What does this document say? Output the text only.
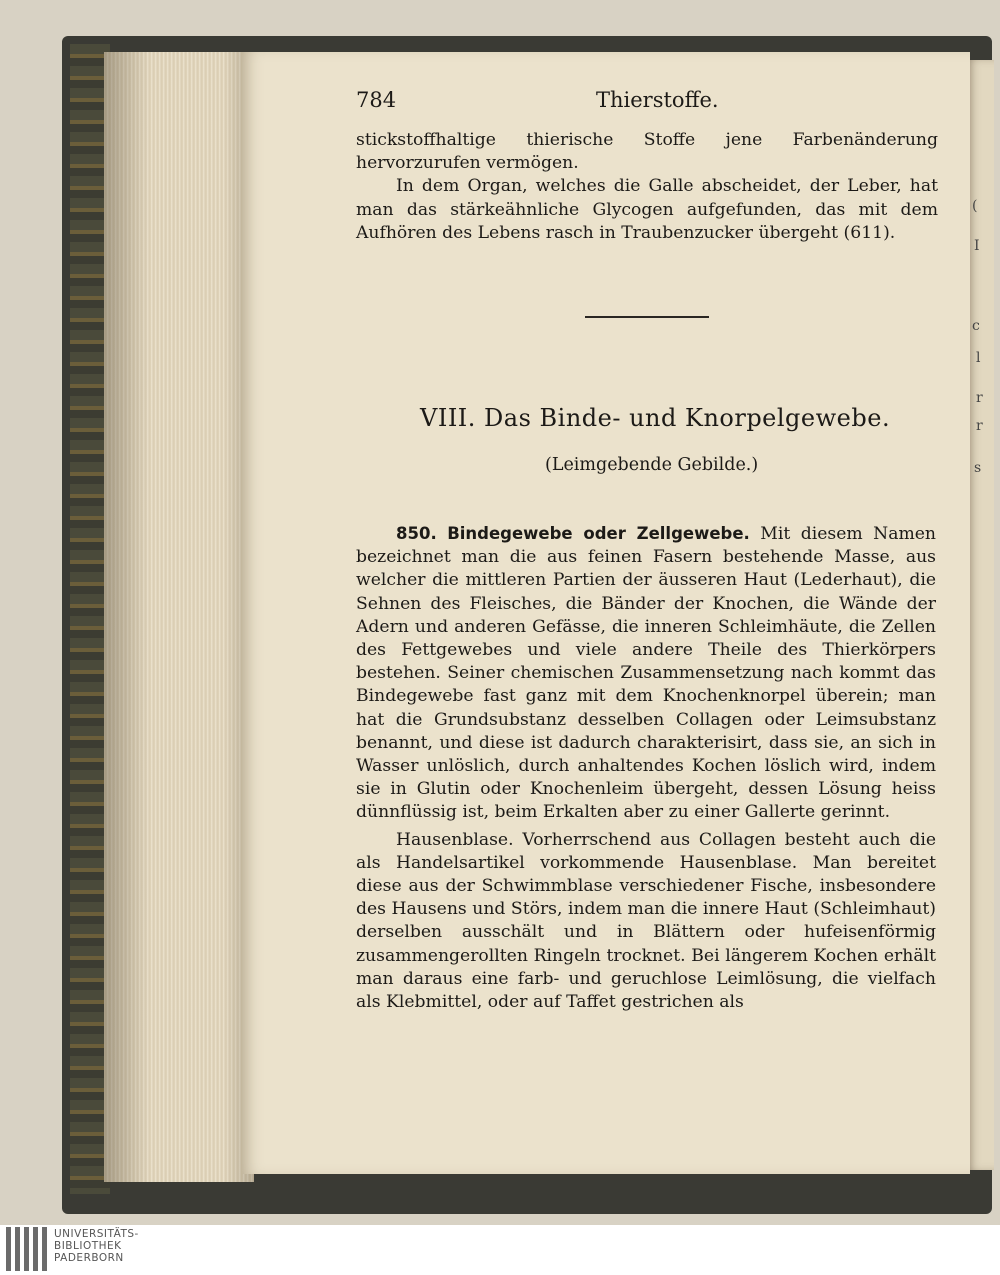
(
I
c
l
r
r
s
784	Thierstoffe.

stickstoffhaltige thierische Stoffe jene Farbenänderung hervorzurufen vermögen.

In dem Organ, welches die Galle abscheidet, der Leber, hat man das stärkeähnliche Glycogen aufgefunden, das mit dem Aufhören des Lebens rasch in Traubenzucker übergeht (611).

VIII. Das Binde- und Knorpelgewebe.
(Leimgebende Gebilde.)

850. Bindegewebe oder Zellgewebe. Mit diesem Namen bezeichnet man die aus feinen Fasern bestehende Masse, aus welcher die mittleren Partien der äusseren Haut (Lederhaut), die Sehnen des Fleisches, die Bänder der Knochen, die Wände der Adern und anderen Gefässe, die inneren Schleimhäute, die Zellen des Fettgewebes und viele andere Theile des Thierkörpers bestehen. Seiner chemischen Zusammensetzung nach kommt das Bindegewebe fast ganz mit dem Knochenknorpel überein; man hat die Grundsubstanz desselben Collagen oder Leimsubstanz benannt, und diese ist dadurch charakterisirt, dass sie, an sich in Wasser unlöslich, durch anhaltendes Kochen löslich wird, indem sie in Glutin oder Knochenleim übergeht, dessen Lösung heiss dünnflüssig ist, beim Erkalten aber zu einer Gallerte gerinnt.

Hausenblase. Vorherrschend aus Collagen besteht auch die als Handelsartikel vorkommende Hausenblase. Man bereitet diese aus der Schwimmblase verschiedener Fische, insbesondere des Hausens und Störs, indem man die innere Haut (Schleimhaut) derselben ausschält und in Blättern oder hufeisenförmig zusammengerollten Ringeln trocknet. Bei längerem Kochen erhält man daraus eine farb- und geruchlose Leimlösung, die vielfach als Klebmittel, oder auf Taffet gestrichen als

UNIVERSITÄTS-
BIBLIOTHEK
PADERBORN
